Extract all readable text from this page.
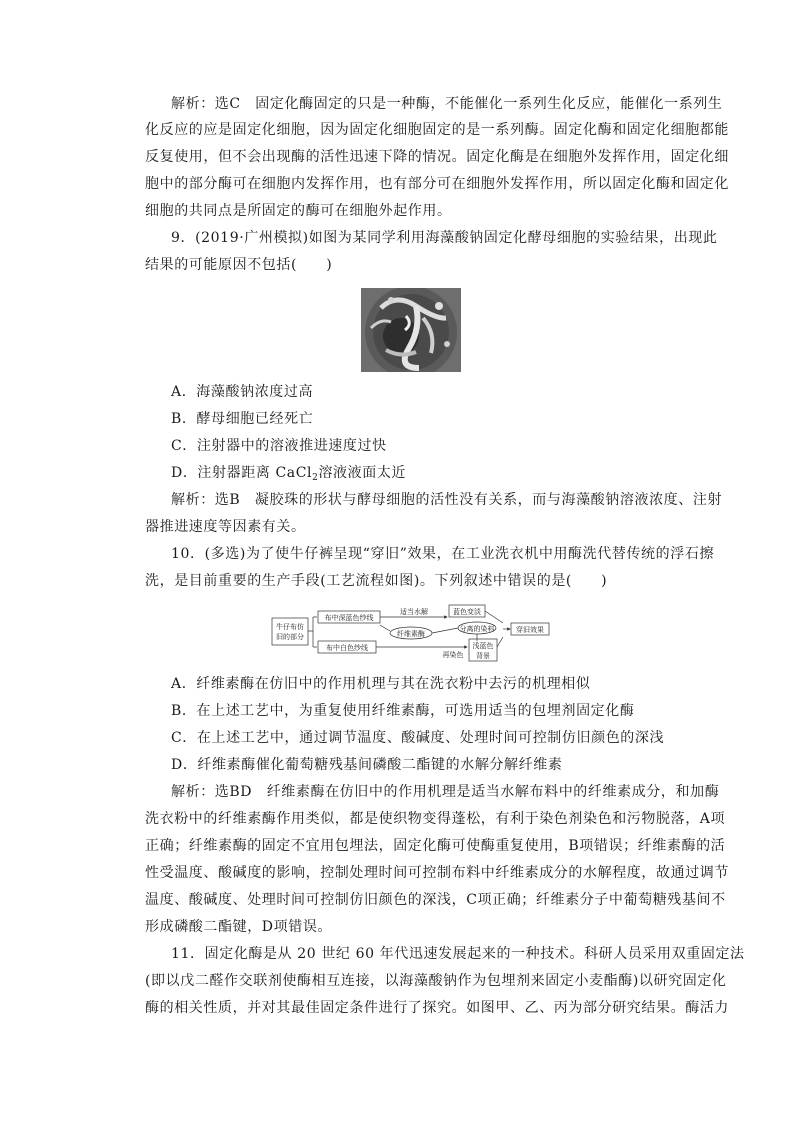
解析：选C　固定化酶固定的只是一种酶，不能催化一系列生化反应，能催化一系列生
化反应的应是固定化细胞，因为固定化细胞固定的是一系列酶。固定化酶和固定化细胞都能
反复使用，但不会出现酶的活性迅速下降的情况。固定化酶是在细胞外发挥作用，固定化细
胞中的部分酶可在细胞内发挥作用，也有部分可在细胞外发挥作用，所以固定化酶和固定化
细胞的共同点是所固定的酶可在细胞外起作用。
9．(2019·广州模拟)如图为某同学利用海藻酸钠固定化酵母细胞的实验结果，出现此
结果的可能原因不包括(　　)
A．海藻酸钠浓度过高
B．酵母细胞已经死亡
C．注射器中的溶液推进速度过快
D．注射器距离 CaCl$_2$溶液液面太近
解析：选B　凝胶珠的形状与酵母细胞的活性没有关系，而与海藻酸钠溶液浓度、注射
器推进速度等因素有关。
10．(多选)为了使牛仔裤呈现“穿旧”效果，在工业洗衣机中用酶洗代替传统的浮石擦
洗，是目前重要的生产手段(工艺流程如图)。下列叙述中错误的是(　　)
牛仔布仿
旧的部分
布中深蓝色纱线
布中白色纱线
适当水解
纤维素酶
蓝色变淡
分离的染料
再染色
浅蓝色
背景
穿旧效果
A．纤维素酶在仿旧中的作用机理与其在洗衣粉中去污的机理相似
B．在上述工艺中，为重复使用纤维素酶，可选用适当的包埋剂固定化酶
C．在上述工艺中，通过调节温度、酸碱度、处理时间可控制仿旧颜色的深浅
D．纤维素酶催化葡萄糖残基间磷酸二酯键的水解分解纤维素
解析：选BD　纤维素酶在仿旧中的作用机理是适当水解布料中的纤维素成分，和加酶
洗衣粉中的纤维素酶作用类似，都是使织物变得蓬松，有利于染色剂染色和污物脱落，A项
正确；纤维素酶的固定不宜用包埋法，固定化酶可使酶重复使用，B项错误；纤维素酶的活
性受温度、酸碱度的影响，控制处理时间可控制布料中纤维素成分的水解程度，故通过调节
温度、酸碱度、处理时间可控制仿旧颜色的深浅，C项正确；纤维素分子中葡萄糖残基间不
形成磷酸二酯键，D项错误。
11．固定化酶是从 20 世纪 60 年代迅速发展起来的一种技术。科研人员采用双重固定法
(即以戊二醛作交联剂使酶相互连接，以海藻酸钠作为包埋剂来固定小麦酯酶)以研究固定化
酶的相关性质，并对其最佳固定条件进行了探究。如图甲、乙、丙为部分研究结果。酶活力
